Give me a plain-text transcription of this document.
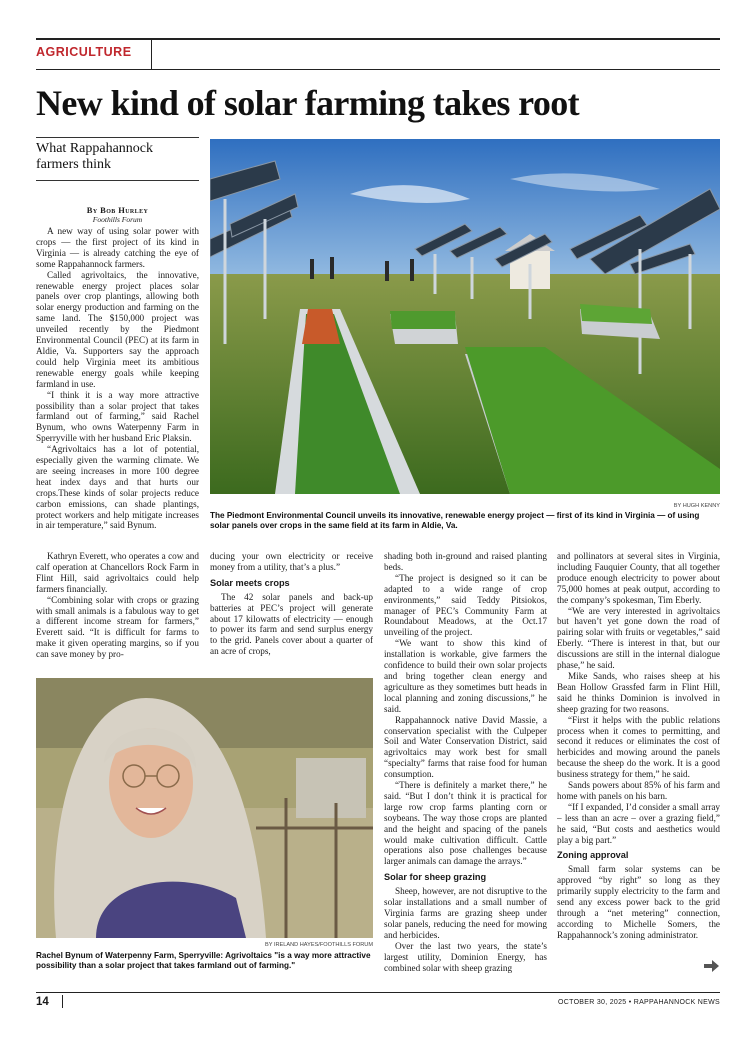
AGRICULTURE
New kind of solar farming takes root
What Rappahannock farmers think
By Bob Hurley
Foothills Forum

A new way of using solar power with crops — the first project of its kind in Virginia — is already catching the eye of some Rappahannock farmers.

Called agrivoltaics, the innovative, renewable energy project places solar panels over crop plantings, allowing both solar energy production and farming on the same land. The $150,000 project was unveiled recently by the Piedmont Environmental Council (PEC) at its farm in Aldie, Va. Supporters say the approach could help Virginia meet its ambitious renewable energy goals while keeping farmland in use.

“I think it is a way more attractive possibility than a solar project that takes farmland out of farming,” said Rachel Bynum, who owns Waterpenny Farm in Sperryville with her husband Eric Plaksin.

“Agrivoltaics has a lot of potential, especially given the warming climate. We are seeing increases in more 100 degree heat index days and that hurts our crops.These kinds of solar projects reduce carbon emissions, can shade plantings, protect workers and help mitigate increases in air temperature,” said Bynum.

Kathryn Everett, who operates a cow and calf operation at Chancellors Rock Farm in Flint Hill, said agrivoltaics could help farmers financially.

“Combining solar with crops or grazing with small animals is a fabulous way to get a different income stream for farmers,” Everett said. “It is difficult for farms to make it given operating margins, so if you can save money by pro-

BY HUGH KENNY
The Piedmont Environmental Council unveils its innovative, renewable energy project — first of its kind in Virginia — of using solar panels over crops in the same field at its farm in Aldie, Va.

ducing your own electricity or receive money from a utility, that’s a plus.”

Solar meets crops

The 42 solar panels and back-up batteries at PEC’s project will generate about 17 kilowatts of electricity — enough to power its farm and send surplus energy to the grid. Panels cover about a quarter of an acre of crops,

shading both in-ground and raised planting beds.

“The project is designed so it can be adapted to a wide range of crop environments,” said Teddy Pitsiokos, manager of PEC’s Community Farm at Roundabout Meadows, at the Oct.17 unveiling of the project.

“We want to show this kind of installation is workable, give farmers the confidence to build their own solar projects and bring together clean energy and agriculture as they sometimes butt heads in local planning and zoning discussions,” he said.

Rappahannock native David Massie, a conservation specialist with the Culpeper Soil and Water Conservation District, said agrivoltaics may work best for small “specialty” farms that raise food for human consumption.

“There is definitely a market there,” he said. “But I don’t think it is practical for large row crop farms planting corn or soybeans. The way those crops are planted and the height and spacing of the panels would make cultivation difficult. Cattle operations also pose challenges because larger animals can damage the arrays.”

Solar for sheep grazing

Sheep, however, are not disruptive to the solar installations and a small number of Virginia farms are grazing sheep under solar panels, reducing the need for mowing and herbicides.

Over the last two years, the state’s largest utility, Dominion Energy, has combined solar with sheep grazing

and pollinators at several sites in Virginia, including Fauquier County, that all together produce enough electricity to power about 75,000 homes at peak output, according to the company’s spokesman, Tim Eberly.

“We are very interested in agrivoltaics but haven’t yet gone down the road of pairing solar with fruits or vegetables,” said Eberly. “There is interest in that, but our discussions are still in the internal dialogue phase,” he said.

Mike Sands, who raises sheep at his Bean Hollow Grassfed farm in Flint Hill, said he thinks Dominion is involved in sheep grazing for two reasons.

“First it helps with the public relations process when it comes to permitting, and second it reduces or eliminates the cost of herbicides and mowing around the panels because the sheep do the work. It is a good business strategy for them,” he said.

Sands powers about 85% of his farm and home with panels on his barn.

“If I expanded, I’d consider a small array – less than an acre – over a grazing field,” he said, “But costs and aesthetics would play a big part.”

Zoning approval

Small farm solar systems can be approved “by right” so long as they primarily supply electricity to the farm and send any excess power back to the grid through a “net metering” connection, according to Michelle Somers, the Rappahannock’s zoning administrator.

BY IRELAND HAYES/FOOTHILLS FORUM
Rachel Bynum of Waterpenny Farm, Sperryville: Agrivoltaics "is a way more attractive possibility than a solar project that takes farmland out of farming."
14	OCTOBER 30, 2025 • RAPPAHANNOCK NEWS
